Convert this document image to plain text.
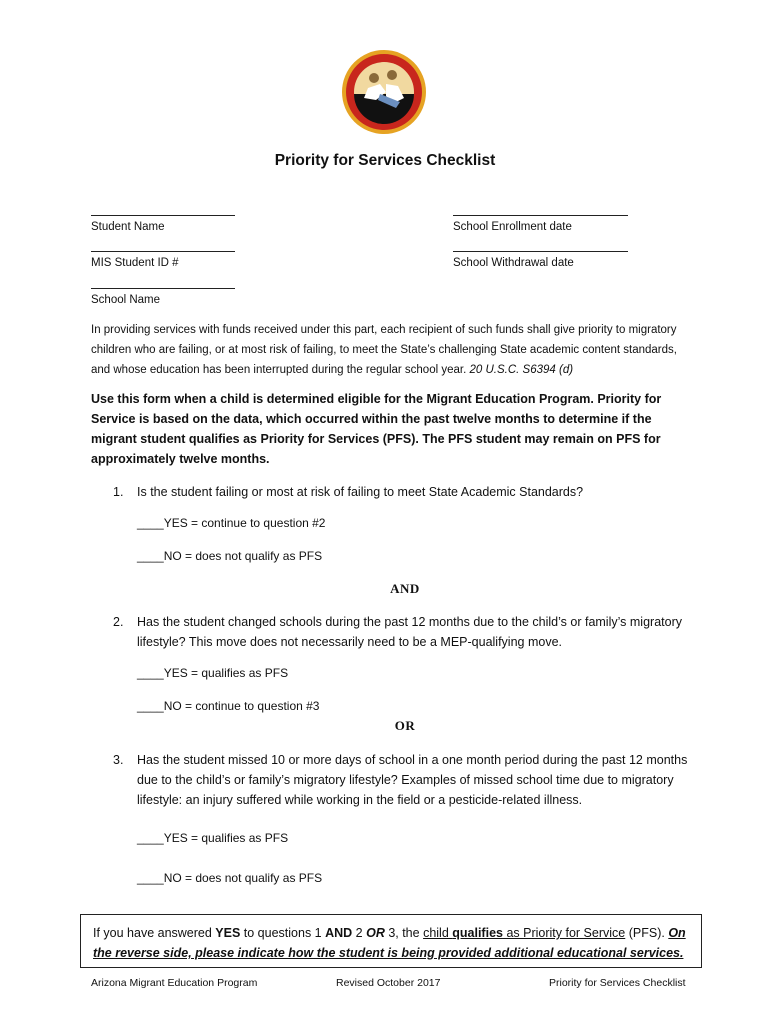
Priority for Services Checklist
Student Name	School Enrollment date
MIS Student ID #	School Withdrawal date
School Name
In providing services with funds received under this part, each recipient of such funds shall give priority to migratory children who are failing, or at most risk of failing, to meet the State’s challenging State academic content standards, and whose education has been interrupted during the regular school year. 20 U.S.C. S6394 (d)
Use this form when a child is determined eligible for the Migrant Education Program. Priority for Service is based on the data, which occurred within the past twelve months to determine if the migrant student qualifies as Priority for Services (PFS). The PFS student may remain on PFS for approximately twelve months.
1. Is the student failing or most at risk of failing to meet State Academic Standards?
____YES = continue to question #2
____NO = does not qualify as PFS
AND
2. Has the student changed schools during the past 12 months due to the child’s or family’s migratory lifestyle? This move does not necessarily need to be a MEP-qualifying move.
____YES = qualifies as PFS
____NO = continue to question #3
OR
3. Has the student missed 10 or more days of school in a one month period during the past 12 months due to the child’s or family’s migratory lifestyle? Examples of missed school time due to migratory lifestyle: an injury suffered while working in the field or a pesticide-related illness.
____YES = qualifies as PFS
____NO = does not qualify as PFS
If you have answered YES to questions 1 AND 2 OR 3, the child qualifies as Priority for Service (PFS). On the reverse side, please indicate how the student is being provided additional educational services.
Arizona Migrant Education Program	Revised October 2017	Priority for Services Checklist
